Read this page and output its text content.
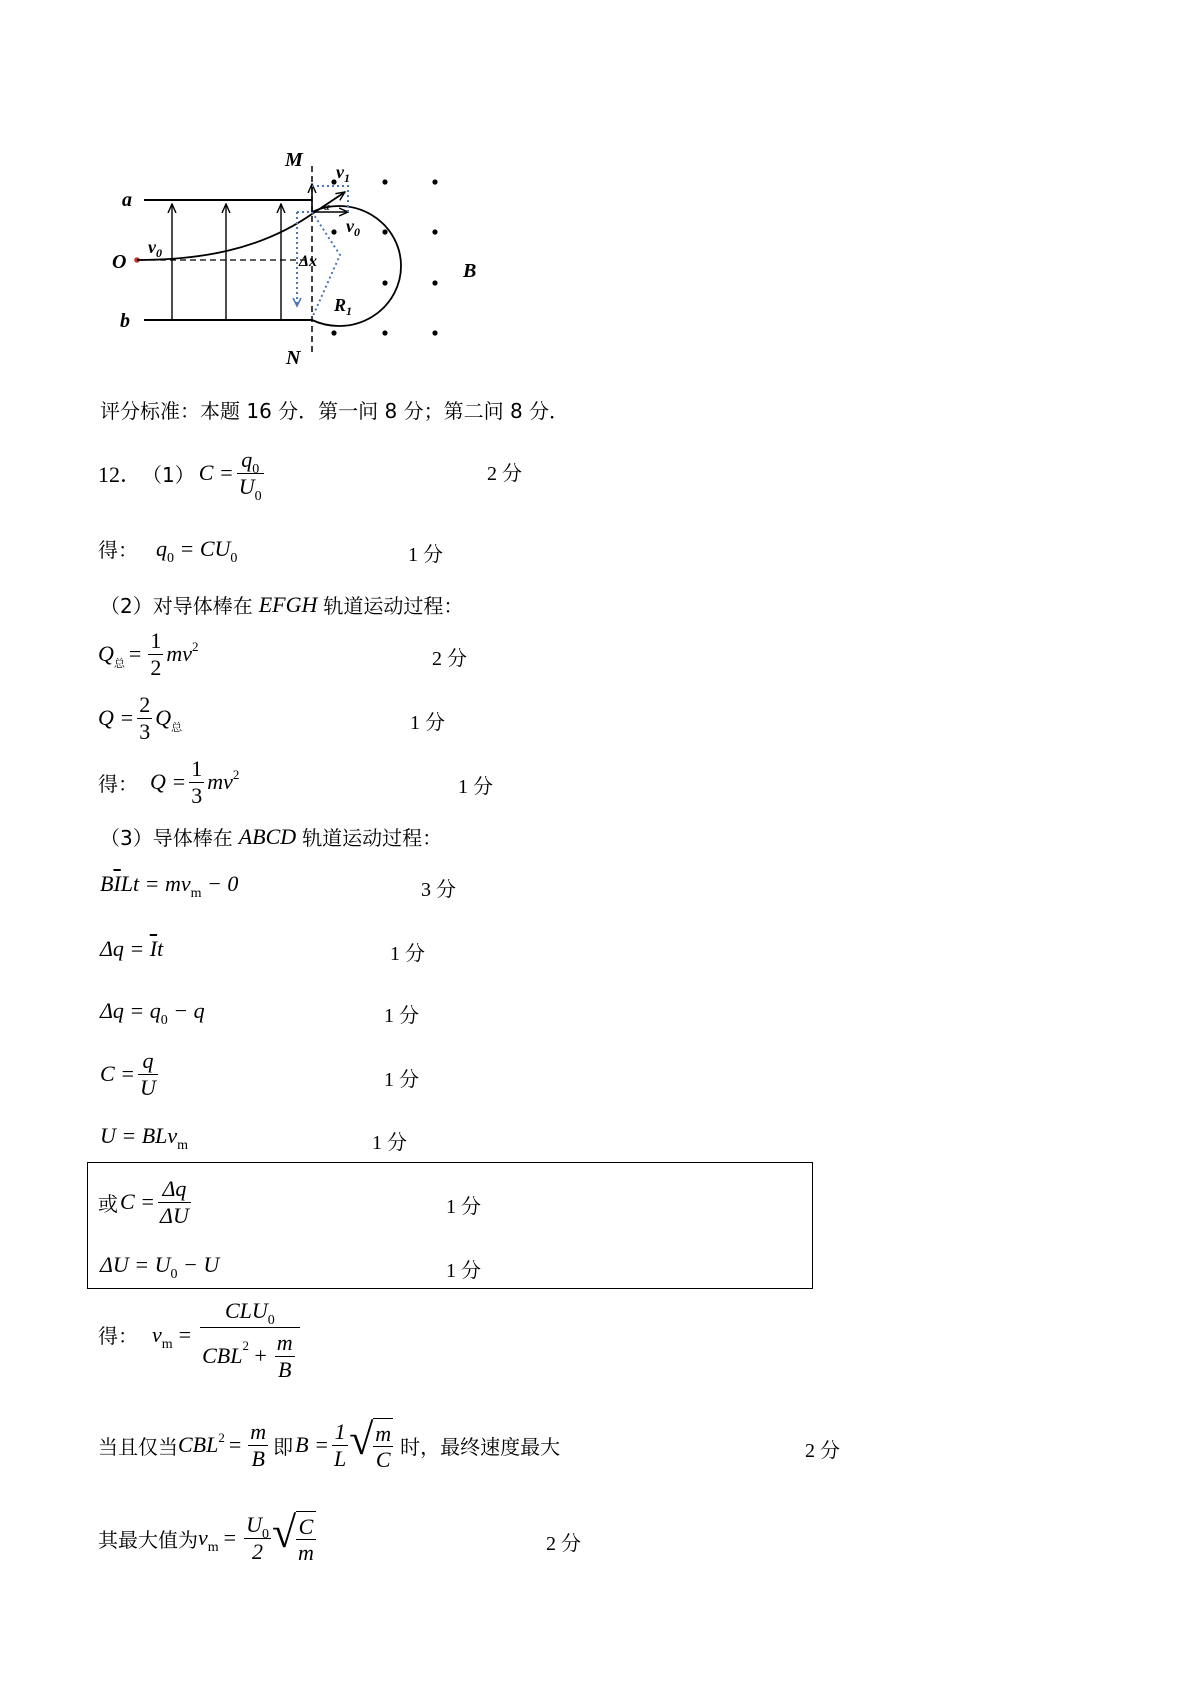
M
N
a
b
O	B
$v_0$
$v_0$
$v_1$
$R_1$
Δx
α
评分标准：本题 16 分．第一问 8 分；第二问 8 分．
12． （1） $C = \frac{q_0}{U_0}$	2 分
得： $q_0 = CU_0$	1 分
（2）对导体棒在 EFGH 轨道运动过程：
$Q_总 = \frac{1}{2} mv^2$
2 分
$Q = \frac{2}{3} Q_总$	1 分
得： $Q = \frac{1}{3} mv^2$
1 分
（3）导体棒在 ABCD 轨道运动过程：
$B\overline{I}Lt = mv_m - 0$	3 分
$\Delta q = \overline{I}t$	1 分
$\Delta q = q_0 - q$	1 分
$C = \frac{q}{U}$	1 分
U = BLv$_m$	1 分
或 $C = \frac{\Delta q}{\Delta U}$	1 分
$\Delta U = U_0 - U$	1 分
得： $v_m = \frac{CLU_0}{CBL 2 + \frac{m}{B}}$
当且仅当 $CBL^2 = \frac{m}{B}$ 即 $B = \frac{1}{L}$ √ $\frac{m}{C}$ 时，最终速度最大	2 分
其最大值为 $v_m = \frac{U_0}{2}$ √ $\frac{C}{m}$	2 分
